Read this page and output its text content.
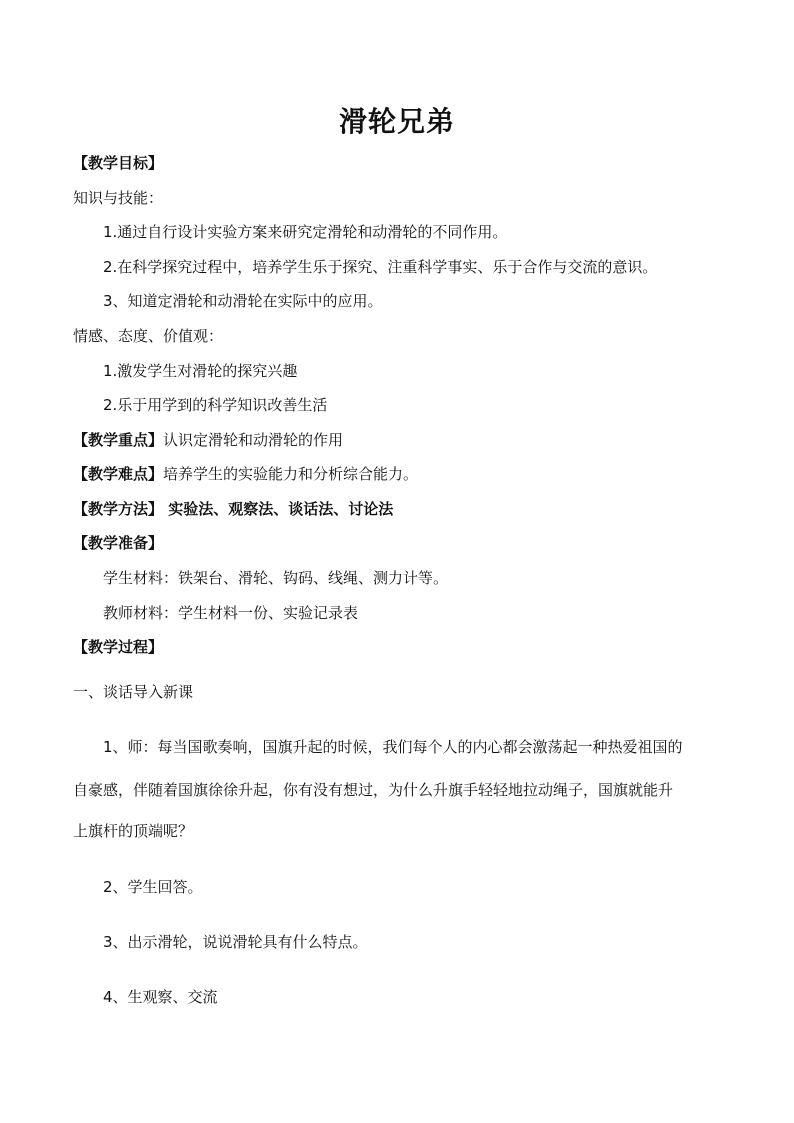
滑轮兄弟
【教学目标】
知识与技能：
1.通过自行设计实验方案来研究定滑轮和动滑轮的不同作用。
2.在科学探究过程中，培养学生乐于探究、注重科学事实、乐于合作与交流的意识。
3、知道定滑轮和动滑轮在实际中的应用。
情感、态度、价值观：
1.激发学生对滑轮的探究兴趣
2.乐于用学到的科学知识改善生活
【教学重点】认识定滑轮和动滑轮的作用
【教学难点】培养学生的实验能力和分析综合能力。
【教学方法】 实验法、观察法、谈话法、讨论法
【教学准备】
学生材料：铁架台、滑轮、钩码、线绳、测力计等。
教师材料：学生材料一份、实验记录表
【教学过程】
一、谈话导入新课
1、师：每当国歌奏响，国旗升起的时候，我们每个人的内心都会激荡起一种热爱祖国的
自豪感，伴随着国旗徐徐升起，你有没有想过，为什么升旗手轻轻地拉动绳子，国旗就能升
上旗杆的顶端呢？
2、学生回答。
3、出示滑轮，说说滑轮具有什么特点。
4、生观察、交流
